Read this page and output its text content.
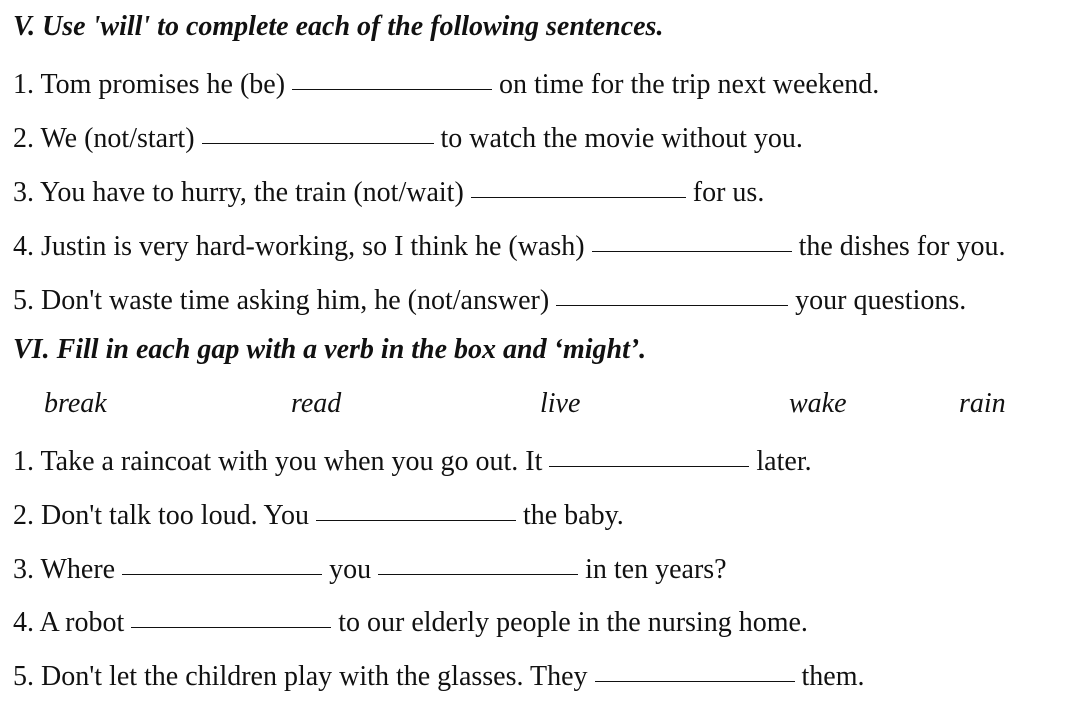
V. Use 'will' to complete each of the following sentences.
1. Tom promises he (be)	on time for the trip next weekend.
2. We (not/start)	to watch the movie without you.
3. You have to hurry, the train (not/wait)	for us.
4. Justin is very hard-working, so I think he (wash)	the dishes for you.
5. Don't waste time asking him, he (not/answer)	your questions.
VI. Fill in each gap with a verb in the box and ‘might’.
break	read	live	wake	rain
1. Take a raincoat with you when you go out. It	later.
2. Don't talk too loud. You	the baby.
3. Where	you	in ten years?
4. A robot	to our elderly people in the nursing home.
5. Don't let the children play with the glasses. They	them.
